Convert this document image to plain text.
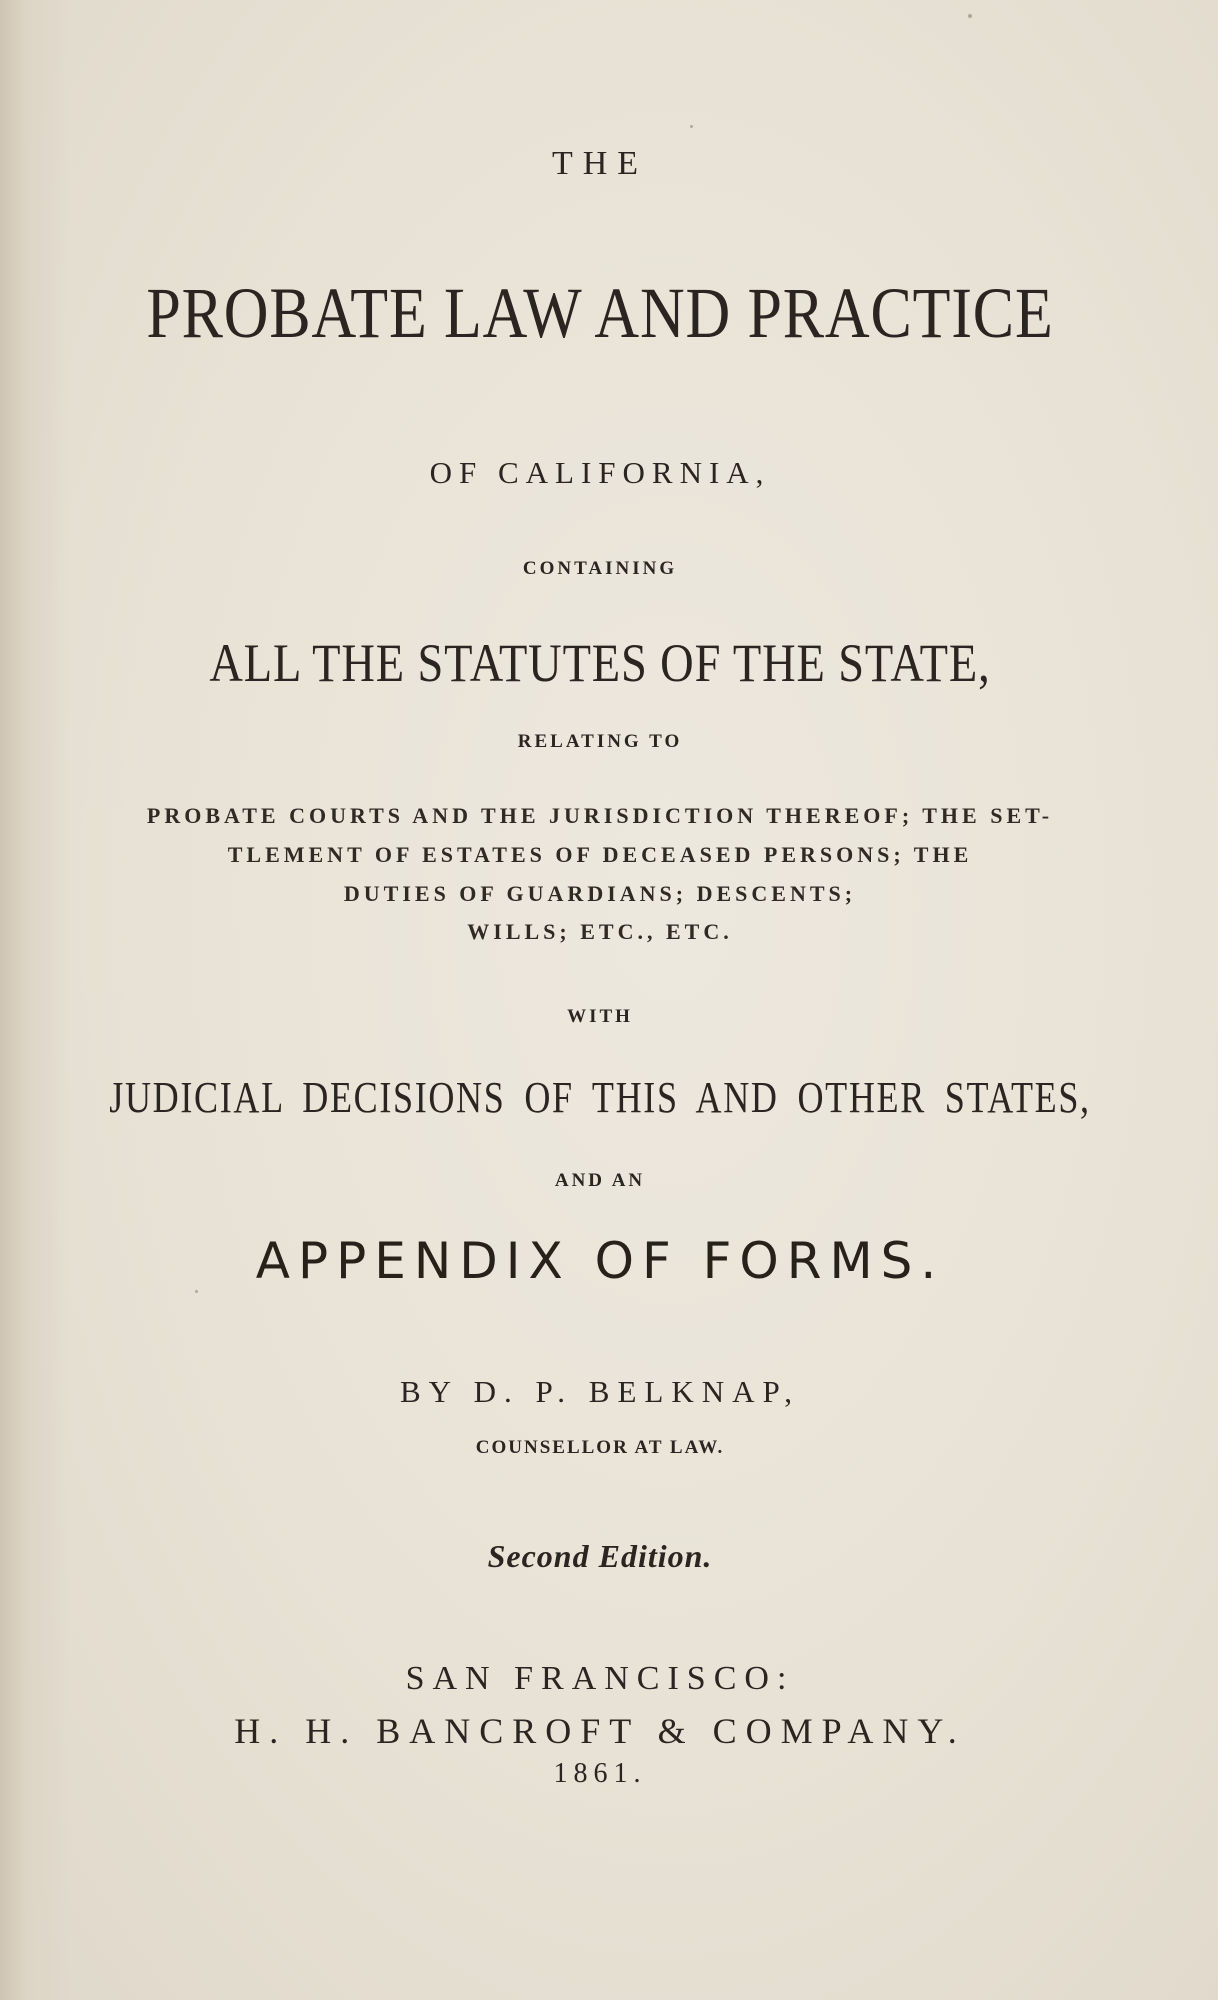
THE
PROBATE LAW AND PRACTICE
OF CALIFORNIA,
CONTAINING
ALL THE STATUTES OF THE STATE,
RELATING TO
PROBATE COURTS AND THE JURISDICTION THEREOF; THE SET-
TLEMENT OF ESTATES OF DECEASED PERSONS; THE
DUTIES OF GUARDIANS; DESCENTS;
WILLS; ETC., ETC.
WITH
JUDICIAL DECISIONS OF THIS AND OTHER STATES,
AND AN
APPENDIX OF FORMS.
BY D. P. BELKNAP,
COUNSELLOR AT LAW.
Second Edition.
SAN FRANCISCO:
H. H. BANCROFT & COMPANY.
1861.
